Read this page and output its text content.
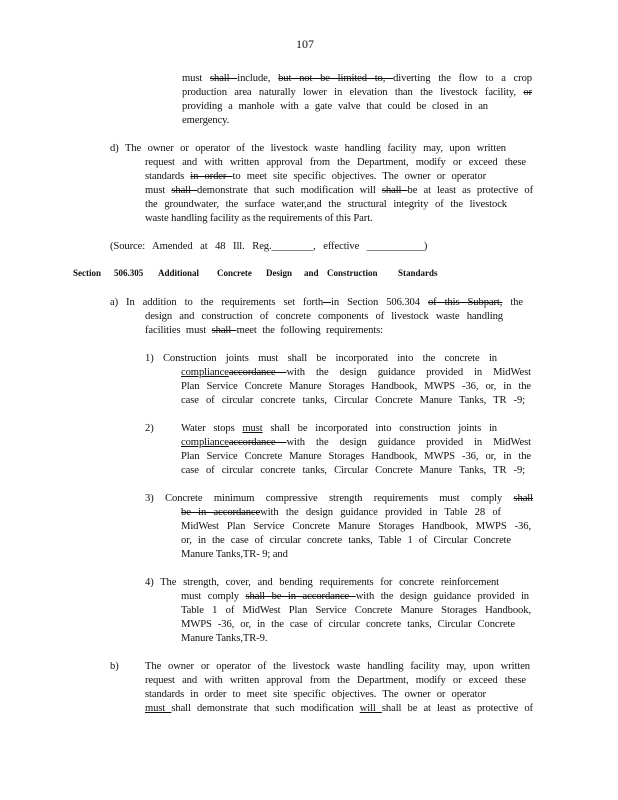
107
must shall include, but not be limited to, diverting the flow to a crop
production area naturally lower in elevation than the livestock facility, or
providing a manhole with a gate valve that could be closed in an
emergency.
d) The owner or operator of the livestock waste handling facility may, upon written
request and with written approval from the Department, modify or exceed these
standards in order to meet site specific objectives. The owner or operator
must shall demonstrate that such modification will shall be at least as protective of
the groundwater, the surface water,and the structural integrity of the livestock
waste handling facility as the requirements of this Part.
(Source: Amended at 48 Ill. Reg.________, effective ___________)
Section 506.305 Additional Concrete Design and Construction Standards
a) In addition to the requirements set forth in Section 506.304 of this Subpart, the
design and construction of concrete components of livestock waste handling
facilities must shall meet the following requirements:
1) Construction joints must shall be incorporated into the concrete in
complianceaccordance with the design guidance provided in MidWest
Plan Service Concrete Manure Storages Handbook, MWPS -36, or, in the
case of circular concrete tanks, Circular Concrete Manure Tanks, TR -9;
2)	Water stops must shall be incorporated into construction joints in
complianceaccordance with the design guidance provided in MidWest
Plan Service Concrete Manure Storages Handbook, MWPS -36, or, in the
case of circular concrete tanks, Circular Concrete Manure Tanks, TR -9;
3) Concrete minimum compressive strength requirements must comply shall
be in accordancewith the design guidance provided in Table 28 of
MidWest Plan Service Concrete Manure Storages Handbook, MWPS -36,
or, in the case of circular concrete tanks, Table 1 of Circular Concrete
Manure Tanks,TR- 9; and
4) The strength, cover, and bending requirements for concrete reinforcement
must comply shall be in accordance with the design guidance provided in
Table 1 of MidWest Plan Service Concrete Manure Storages Handbook,
MWPS -36, or, in the case of circular concrete tanks, Circular Concrete
Manure Tanks,TR-9.
b) The owner or operator of the livestock waste handling facility may, upon written
request and with written approval from the Department, modify or exceed these
standards in order to meet site specific objectives. The owner or operator
must shall demonstrate that such modification will shall be at least as protective of
